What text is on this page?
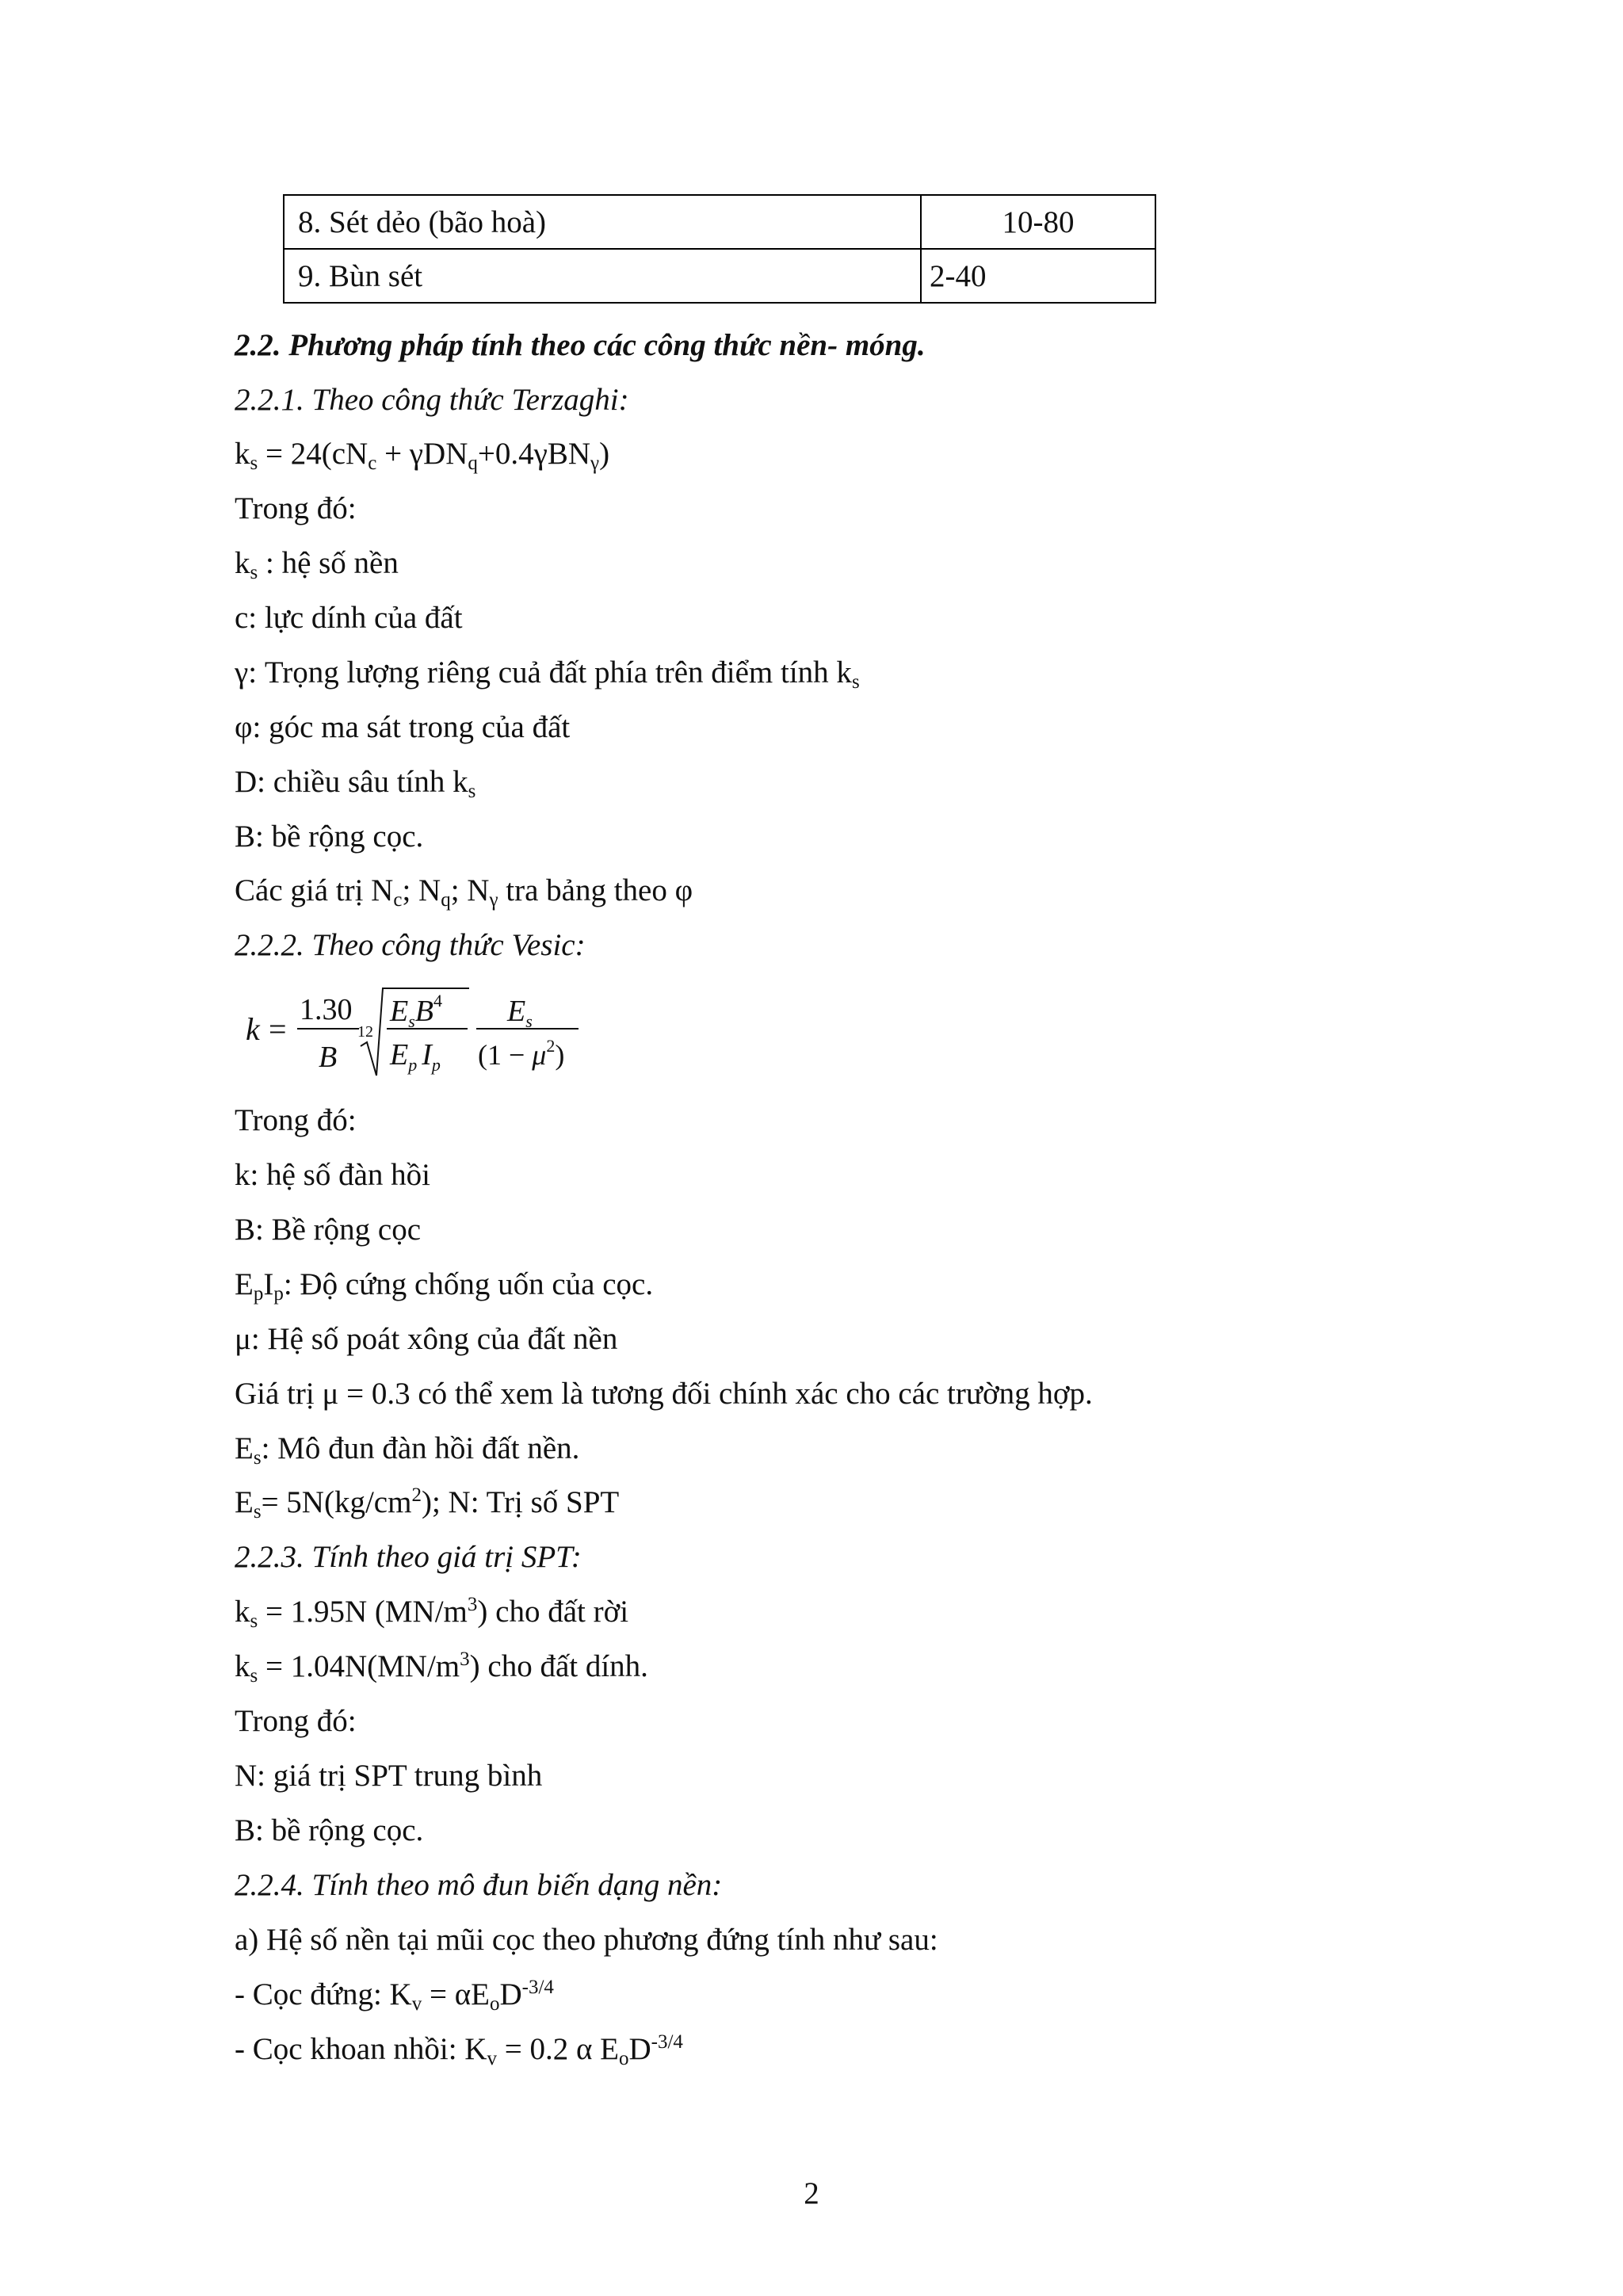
8. Sét dẻo (bão hoà)	10-80
9. Bùn sét	2-40
2.2. Phương pháp tính theo các công thức nền- móng.
2.2.1. Theo công thức Terzaghi:
$k_s = 24(cN_c + \gamma DN_q+0.4\gamma BN_\gamma)$
Trong đó:
$k_s$ : hệ số nền
c: lực dính của đất
γ: Trọng lượng riêng cuả đất phía trên điểm tính $k_s$
φ: góc ma sát trong của đất
D: chiều sâu tính $k_s$
B: bề rộng cọc.
Các giá trị $N_c$; $N_q$; $N_\gamma$ tra bảng theo φ
2.2.2. Theo công thức Vesic:
k =
1.30
B
12
$E_sB^4$
$E_p$ $I_p$
$E_s$
$(1 - \mu^2)$
Trong đó:
k: hệ số đàn hồi
B: Bề rộng cọc
$E_pI_p$: Độ cứng chống uốn của cọc.
μ: Hệ số poát xông của đất nền
Giá trị μ = 0.3 có thể xem là tương đối chính xác cho các trường hợp.
$E_s$: Mô đun đàn hồi đất nền.
$E_s= 5N(kg/cm^2)$; N: Trị số SPT
2.2.3. Tính theo giá trị SPT:
$k_s = 1.95N$ $(MN/m^3)$ cho đất rời
$k_s = 1.04N(MN/m^3)$ cho đất dính.
Trong đó:
N: giá trị SPT trung bình
B: bề rộng cọc.
2.2.4. Tính theo mô đun biến dạng nền:
a) Hệ số nền tại mũi cọc theo phương đứng tính như sau:
- Cọc đứng: $K_v = \alpha E_oD^{-3/4}$
- Cọc khoan nhồi: $K_v = 0.2$ α $E_oD^{-3/4}$
2
